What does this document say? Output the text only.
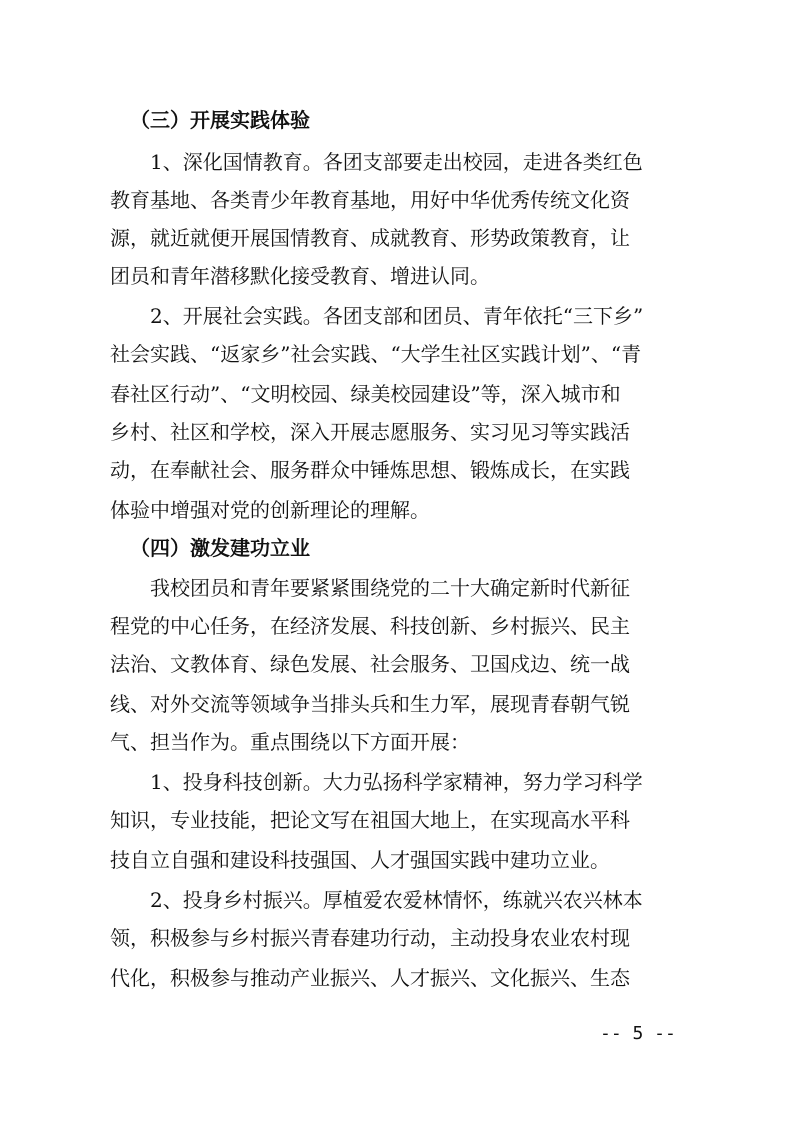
（三）开展实践体验
1、深化国情教育。各团支部要走出校园，走进各类红色
教育基地、各类青少年教育基地，用好中华优秀传统文化资
源，就近就便开展国情教育、成就教育、形势政策教育，让
团员和青年潜移默化接受教育、增进认同。
2、开展社会实践。各团支部和团员、青年依托“三下乡”
社会实践、“返家乡”社会实践、“大学生社区实践计划”、“青
春社区行动”、“文明校园、绿美校园建设”等，深入城市和
乡村、社区和学校，深入开展志愿服务、实习见习等实践活
动，在奉献社会、服务群众中锤炼思想、锻炼成长，在实践
体验中增强对党的创新理论的理解。
（四）激发建功立业
我校团员和青年要紧紧围绕党的二十大确定新时代新征
程党的中心任务，在经济发展、科技创新、乡村振兴、民主
法治、文教体育、绿色发展、社会服务、卫国戍边、统一战
线、对外交流等领域争当排头兵和生力军，展现青春朝气锐
气、担当作为。重点围绕以下方面开展：
1、投身科技创新。大力弘扬科学家精神，努力学习科学
知识，专业技能，把论文写在祖国大地上，在实现高水平科
技自立自强和建设科技强国、人才强国实践中建功立业。
2、投身乡村振兴。厚植爱农爱林情怀，练就兴农兴林本
领，积极参与乡村振兴青春建功行动，主动投身农业农村现
代化，积极参与推动产业振兴、人才振兴、文化振兴、生态
-- 5 --
